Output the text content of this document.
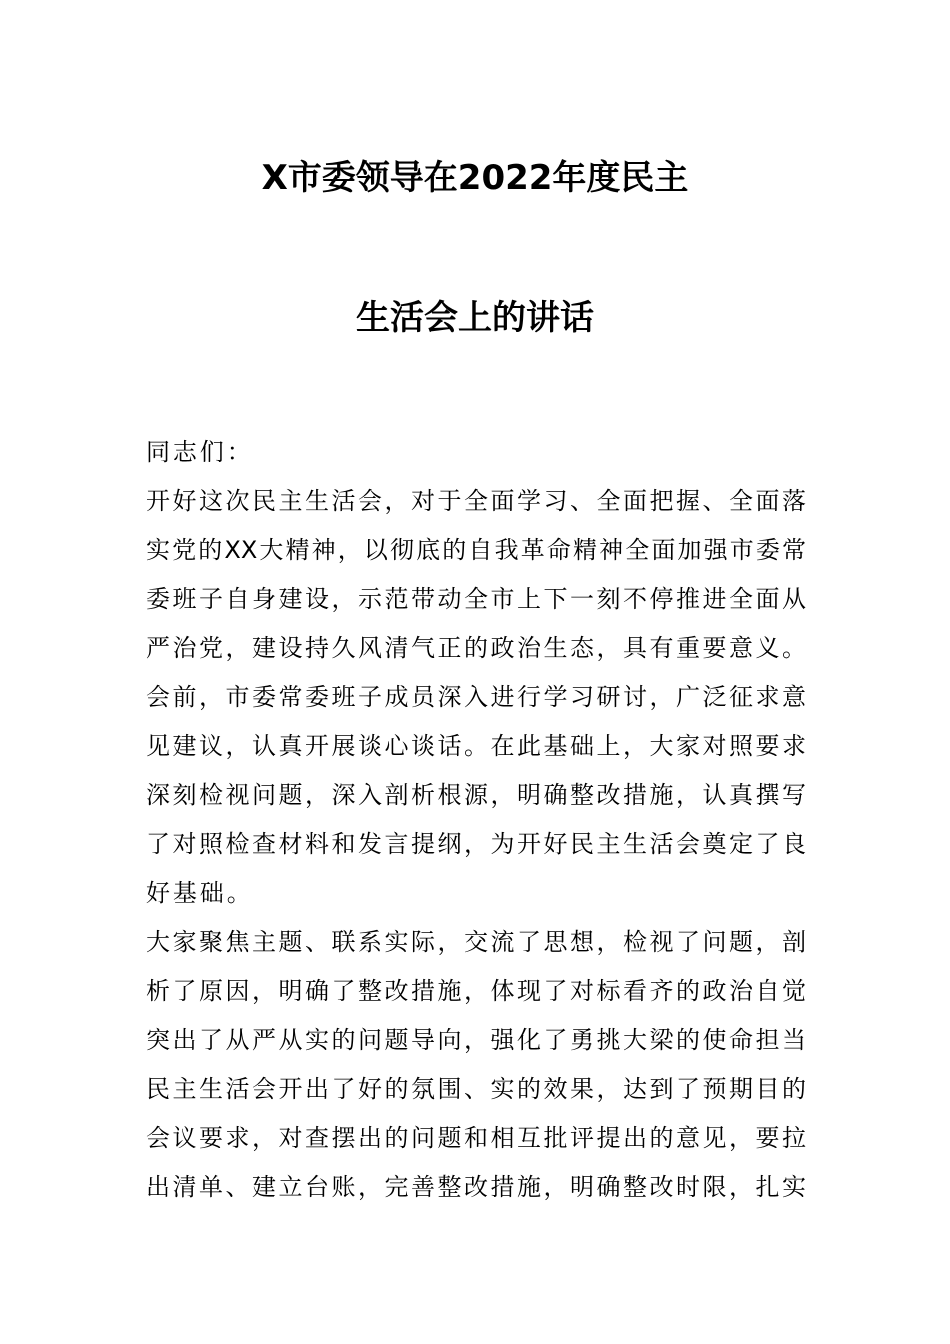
X市委领导在2022年度民主
生活会上的讲话
同志们：
开好这次民主生活会，对于全面学习、全面把握、全面落
实党的XX大精神，以彻底的自我革命精神全面加强市委常
委班子自身建设，示范带动全市上下一刻不停推进全面从
严治党，建设持久风清气正的政治生态，具有重要意义。
会前，市委常委班子成员深入进行学习研讨，广泛征求意
见建议，认真开展谈心谈话。在此基础上，大家对照要求
深刻检视问题，深入剖析根源，明确整改措施，认真撰写
了对照检查材料和发言提纲，为开好民主生活会奠定了良
好基础。
大家聚焦主题、联系实际，交流了思想，检视了问题，剖
析了原因，明确了整改措施，体现了对标看齐的政治自觉
突出了从严从实的问题导向，强化了勇挑大梁的使命担当
民主生活会开出了好的氛围、实的效果，达到了预期目的
会议要求，对查摆出的问题和相互批评提出的意见，要拉
出清单、建立台账，完善整改措施，明确整改时限，扎实
